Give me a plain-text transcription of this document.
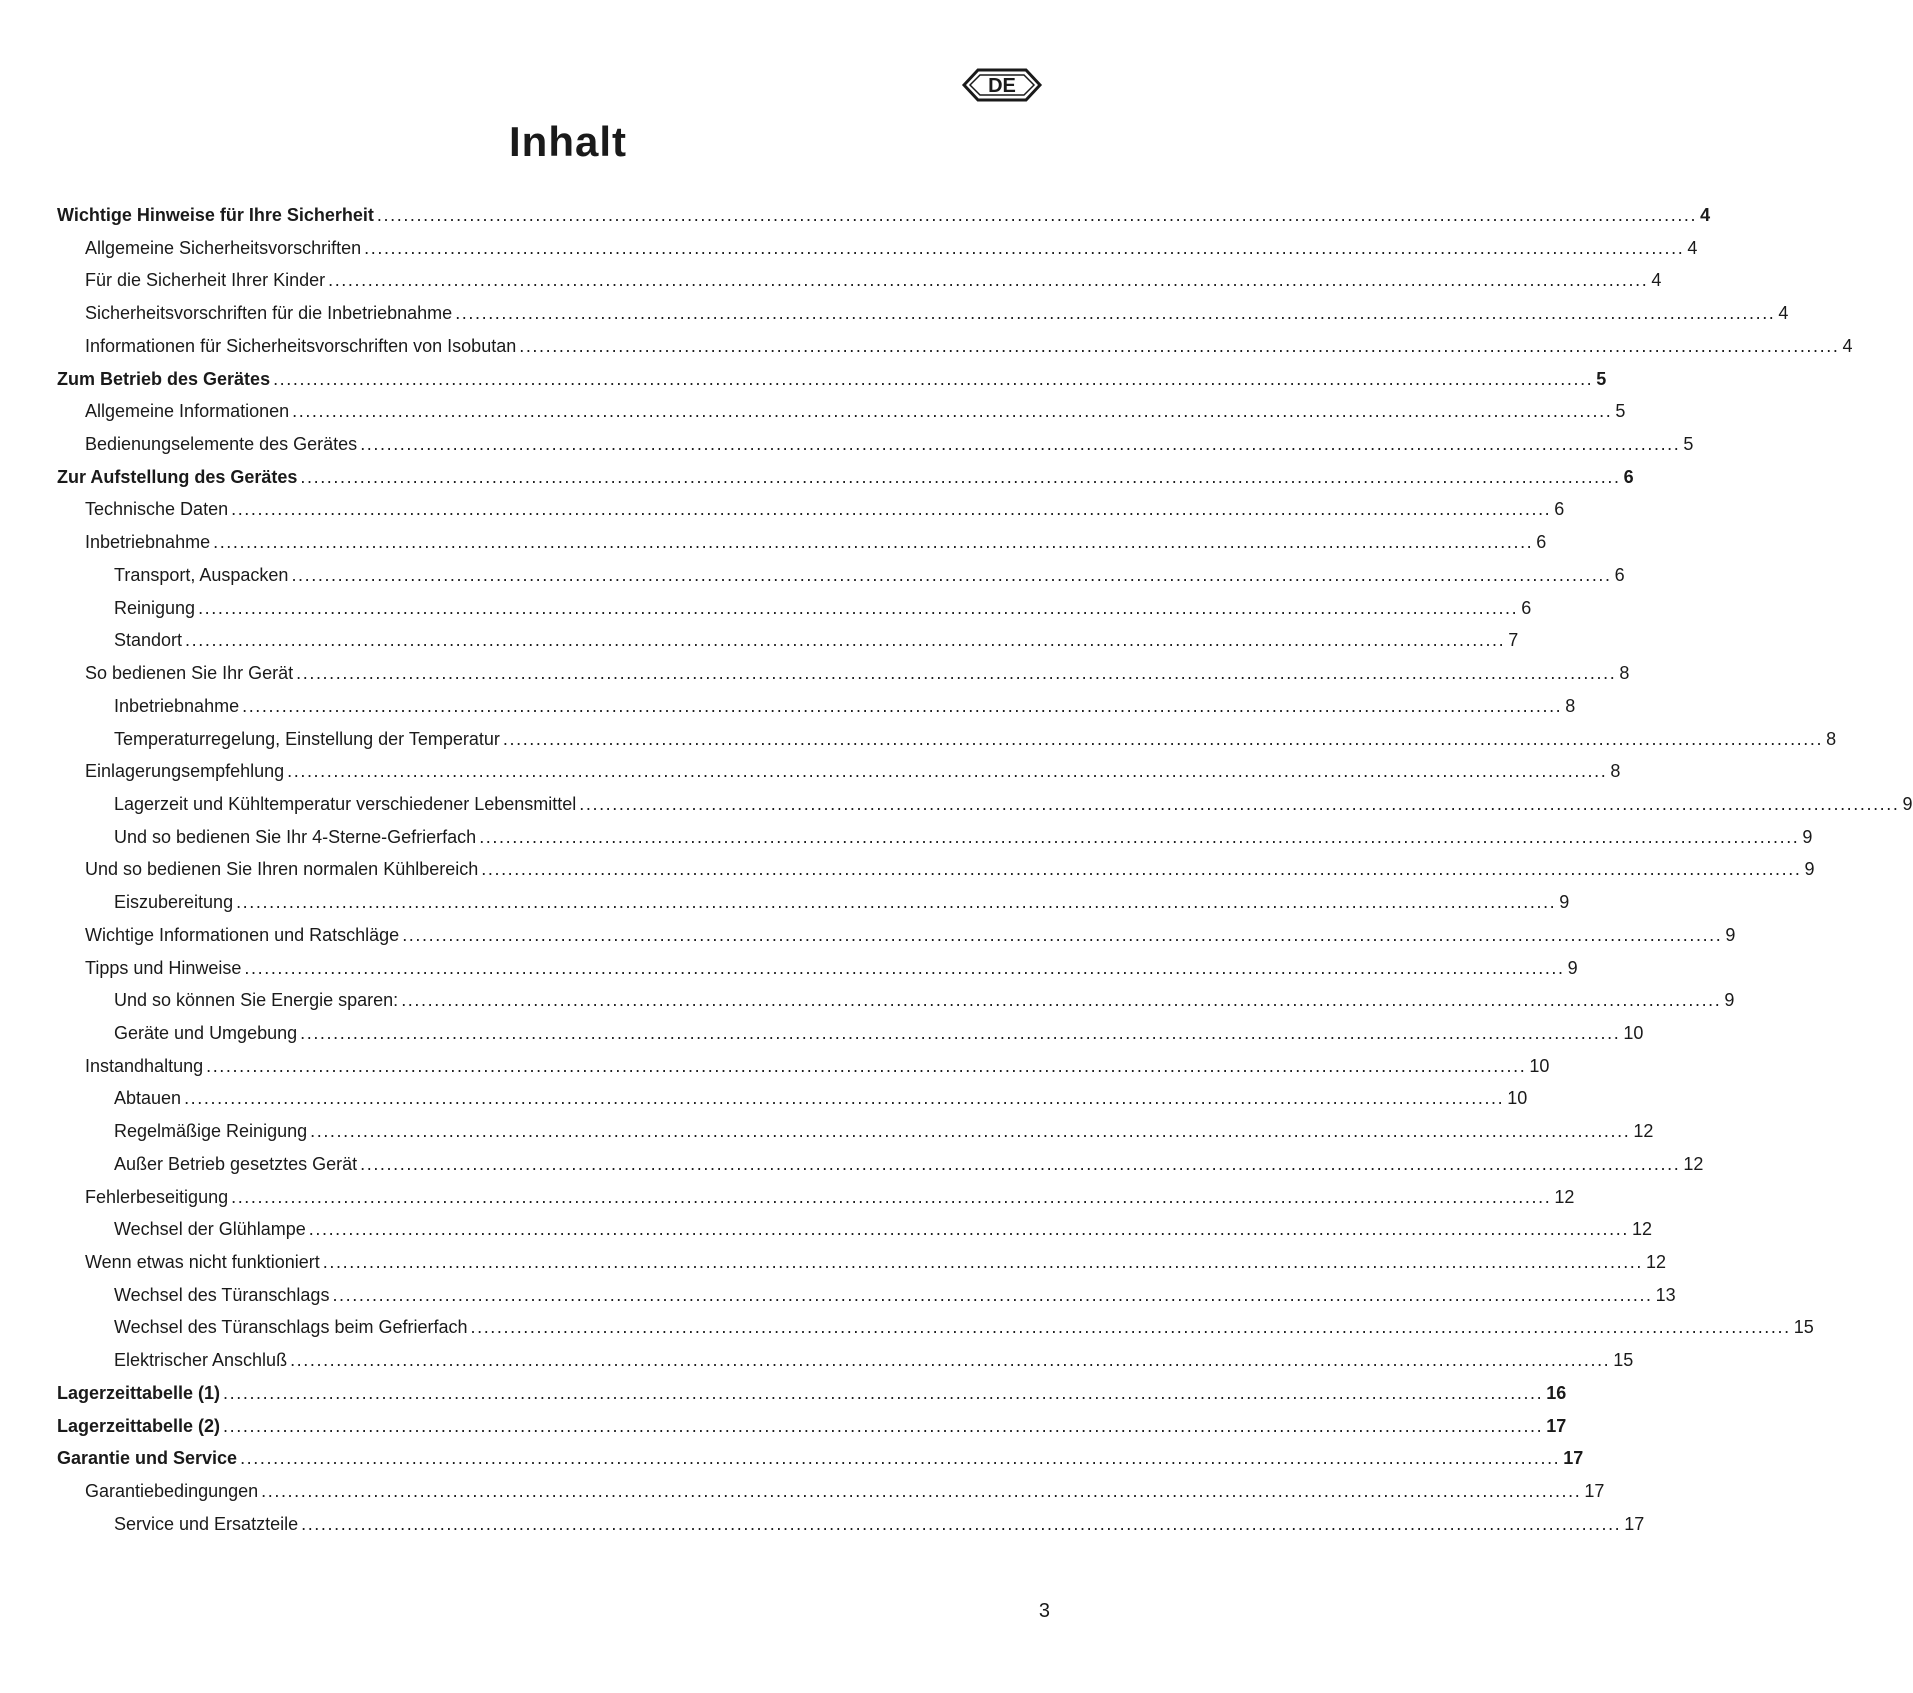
DE
Inhalt
Wichtige Hinweise für Ihre Sicherheit ........................................................................................................................................................................................................ 4
Allgemeine Sicherheitsvorschriften ........................................................................................................................................................................................................ 4
Für die Sicherheit Ihrer Kinder ........................................................................................................................................................................................................ 4
Sicherheitsvorschriften für die Inbetriebnahme ........................................................................................................................................................................................................ 4
Informationen für Sicherheitsvorschriften von Isobutan ........................................................................................................................................................................................................ 4
Zum Betrieb des Gerätes ........................................................................................................................................................................................................ 5
Allgemeine Informationen ........................................................................................................................................................................................................ 5
Bedienungselemente des Gerätes ........................................................................................................................................................................................................ 5
Zur Aufstellung des Gerätes ........................................................................................................................................................................................................ 6
Technische Daten ........................................................................................................................................................................................................ 6
Inbetriebnahme ........................................................................................................................................................................................................ 6
Transport, Auspacken ........................................................................................................................................................................................................ 6
Reinigung ........................................................................................................................................................................................................ 6
Standort ........................................................................................................................................................................................................ 7
So bedienen Sie Ihr Gerät ........................................................................................................................................................................................................ 8
Inbetriebnahme ........................................................................................................................................................................................................ 8
Temperaturregelung, Einstellung der Temperatur ........................................................................................................................................................................................................ 8
Einlagerungsempfehlung ........................................................................................................................................................................................................ 8
Lagerzeit und Kühltemperatur verschiedener Lebensmittel ........................................................................................................................................................................................................ 9
Und so bedienen Sie Ihr 4-Sterne-Gefrierfach ........................................................................................................................................................................................................ 9
Und so bedienen Sie Ihren normalen Kühlbereich ........................................................................................................................................................................................................ 9
Eiszubereitung ........................................................................................................................................................................................................ 9
Wichtige Informationen und Ratschläge ........................................................................................................................................................................................................ 9
Tipps und Hinweise ........................................................................................................................................................................................................ 9
Und so können Sie Energie sparen: ........................................................................................................................................................................................................ 9
Geräte und Umgebung ........................................................................................................................................................................................................ 10
Instandhaltung ........................................................................................................................................................................................................ 10
Abtauen ........................................................................................................................................................................................................ 10
Regelmäßige Reinigung ........................................................................................................................................................................................................ 12
Außer Betrieb gesetztes Gerät ........................................................................................................................................................................................................ 12
Fehlerbeseitigung ........................................................................................................................................................................................................ 12
Wechsel der Glühlampe ........................................................................................................................................................................................................ 12
Wenn etwas nicht funktioniert ........................................................................................................................................................................................................ 12
Wechsel des Türanschlags ........................................................................................................................................................................................................ 13
Wechsel des Türanschlags beim Gefrierfach ........................................................................................................................................................................................................ 15
Elektrischer Anschluß ........................................................................................................................................................................................................ 15
Lagerzeittabelle (1) ........................................................................................................................................................................................................ 16
Lagerzeittabelle (2) ........................................................................................................................................................................................................ 17
Garantie und Service ........................................................................................................................................................................................................ 17
Garantiebedingungen ........................................................................................................................................................................................................ 17
Service und Ersatzteile ........................................................................................................................................................................................................ 17
3
